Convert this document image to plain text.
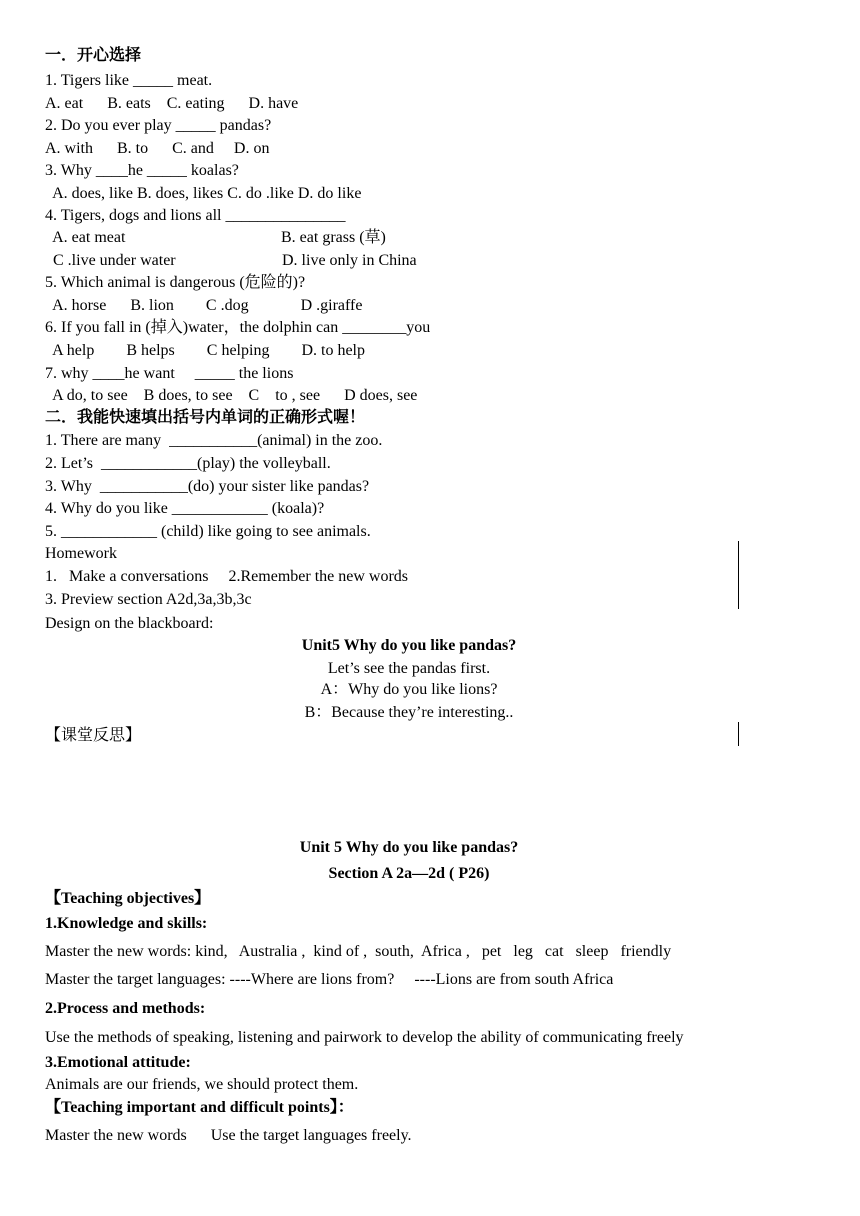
一．开心选择
1. Tigers like _____ meat.
A. eat      B. eats    C. eating      D. have
2. Do you ever play _____ pandas?
A. with      B. to      C. and     D. on
3. Why ____he _____ koalas?
A. does, like B. does, likes C. do .like D. do like
4. Tigers, dogs and lions all _______________
A. eat meat	B. eat grass (草)
C .live under water	D. live only in China
5. Which animal is dangerous (危险的)?
A. horse      B. lion        C .dog             D .giraffe
6. If you fall in (掉入)water，the dolphin can ________you
A help        B helps        C helping        D. to help
7. why ____he want     _____ the lions
A do, to see    B does, to see    C    to , see      D does, see
二．我能快速填出括号内单词的正确形式喔！
1. There are many  ___________(animal) in the zoo.
2. Let’s  ____________(play) the volleyball.
3. Why  ___________(do) your sister like pandas?
4. Why do you like ____________ (koala)?
5. ____________ (child) like going to see animals.
Homework
1.   Make a conversations     2.Remember the new words
3. Preview section A2d,3a,3b,3c
Design on the blackboard:
Unit5 Why do you like pandas?
Let’s see the pandas first.
A：Why do you like lions?
B：Because they’re interesting..
【课堂反思】
Unit 5 Why do you like pandas?
Section A 2a—2d ( P26)
【Teaching objectives】
1.Knowledge and skills:
Master the new words: kind,   Australia ,  kind of ,  south,  Africa ,   pet   leg   cat   sleep   friendly
Master the target languages: ----Where are lions from?     ----Lions are from south Africa
2.Process and methods:
Use the methods of speaking, listening and pairwork to develop the ability of communicating freely
3.Emotional attitude:
Animals are our friends, we should protect them.
【Teaching important and difficult points】：
Master the new words      Use the target languages freely.
